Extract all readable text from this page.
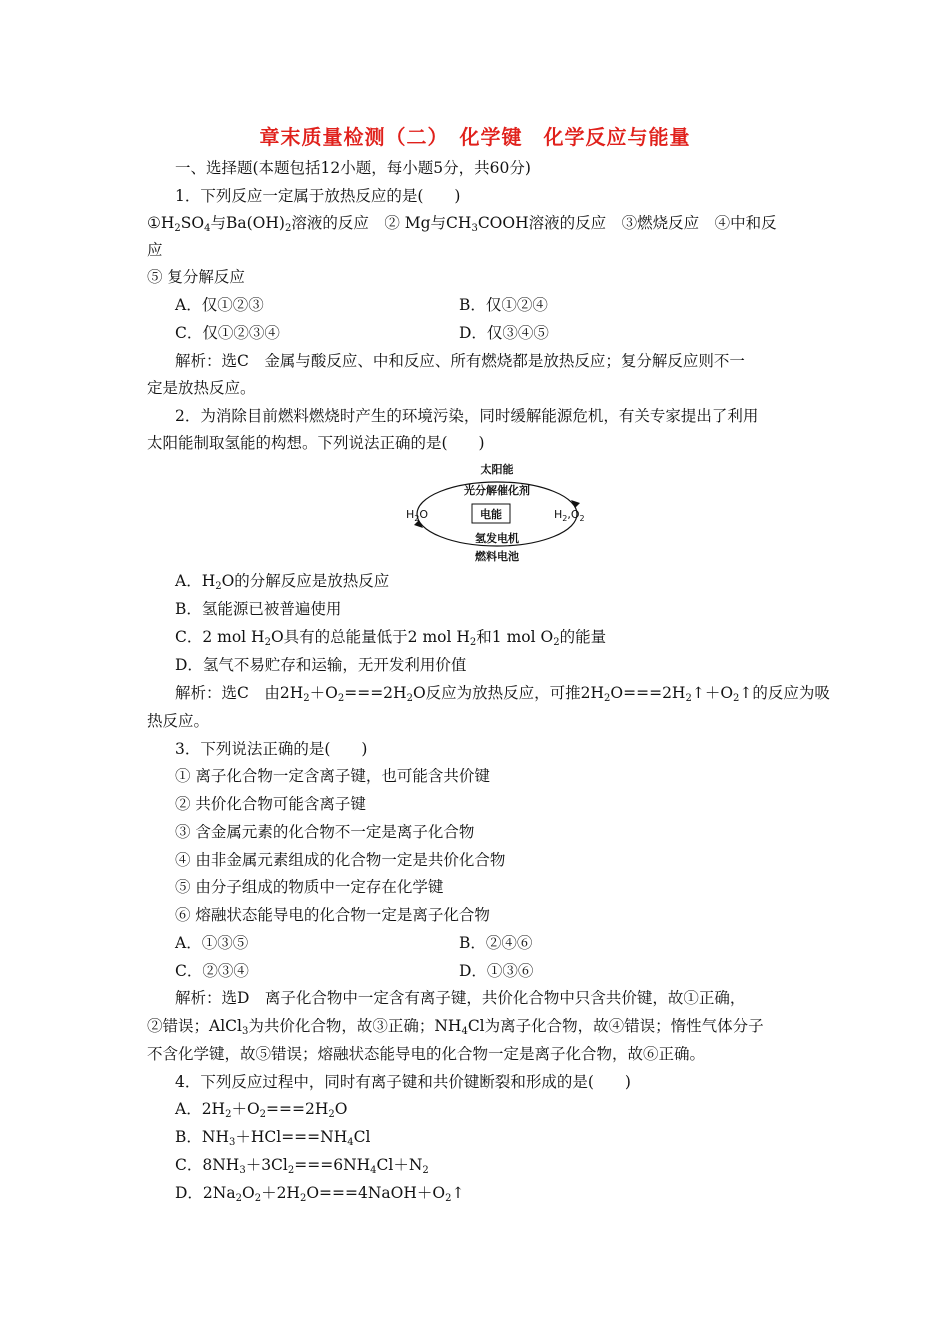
章末质量检测（二）　化学键　化学反应与能量
一、选择题(本题包括12小题，每小题5分，共60分)
1．下列反应一定属于放热反应的是(　　)
$①H_2SO_4$与$Ba(OH)_2$溶液的反应　② Mg与$CH_3COOH$溶液的反应　③燃烧反应　④中和反
应
⑤ 复分解反应
A．仅①②③	B．仅①②④
C．仅①②③④	D．仅③④⑤
解析：选C　金属与酸反应、中和反应、所有燃烧都是放热反应；复分解反应则不一
定是放热反应。
2．为消除目前燃料燃烧时产生的环境污染，同时缓解能源危机，有关专家提出了利用
太阳能制取氢能的构想。下列说法正确的是(　　)
太阳能
光分解催化剂
$H_2O$	电能	$H_2,O_2$
氢发电机
燃料电池
A．$H_2O$的分解反应是放热反应
B．氢能源已被普遍使用
C．2 mol $H_2O$具有的总能量低于2 mol $H_2$和1 mol $O_2$的能量
D．氢气不易贮存和运输，无开发利用价值
解析：选C　由$2H_2+O_2===2H_2O$反应为放热反应，可推$2H_2O===2H_2↑+O_2↑$的反应为吸
热反应。
3．下列说法正确的是(　　)
① 离子化合物一定含离子键，也可能含共价键
② 共价化合物可能含离子键
③ 含金属元素的化合物不一定是离子化合物
④ 由非金属元素组成的化合物一定是共价化合物
⑤ 由分子组成的物质中一定存在化学键
⑥ 熔融状态能导电的化合物一定是离子化合物
A．①③⑤	B．②④⑥
C．②③④	D．①③⑥
解析：选D　离子化合物中一定含有离子键，共价化合物中只含共价键，故①正确，
②错误；AlCl$_3$为共价化合物，故③正确；$NH_4Cl$为离子化合物，故④错误；惰性气体分子
不含化学键，故⑤错误；熔融状态能导电的化合物一定是离子化合物，故⑥正确。
4．下列反应过程中，同时有离子键和共价键断裂和形成的是(　　)
A．$2H_2+O_2===2H_2O$
B．$NH_3+HCl===NH_4Cl$
C．$8NH_3+3Cl_2===6NH_4Cl+N_2$
D．$2Na_2O_2+2H_2O===4NaOH+O_2↑$
